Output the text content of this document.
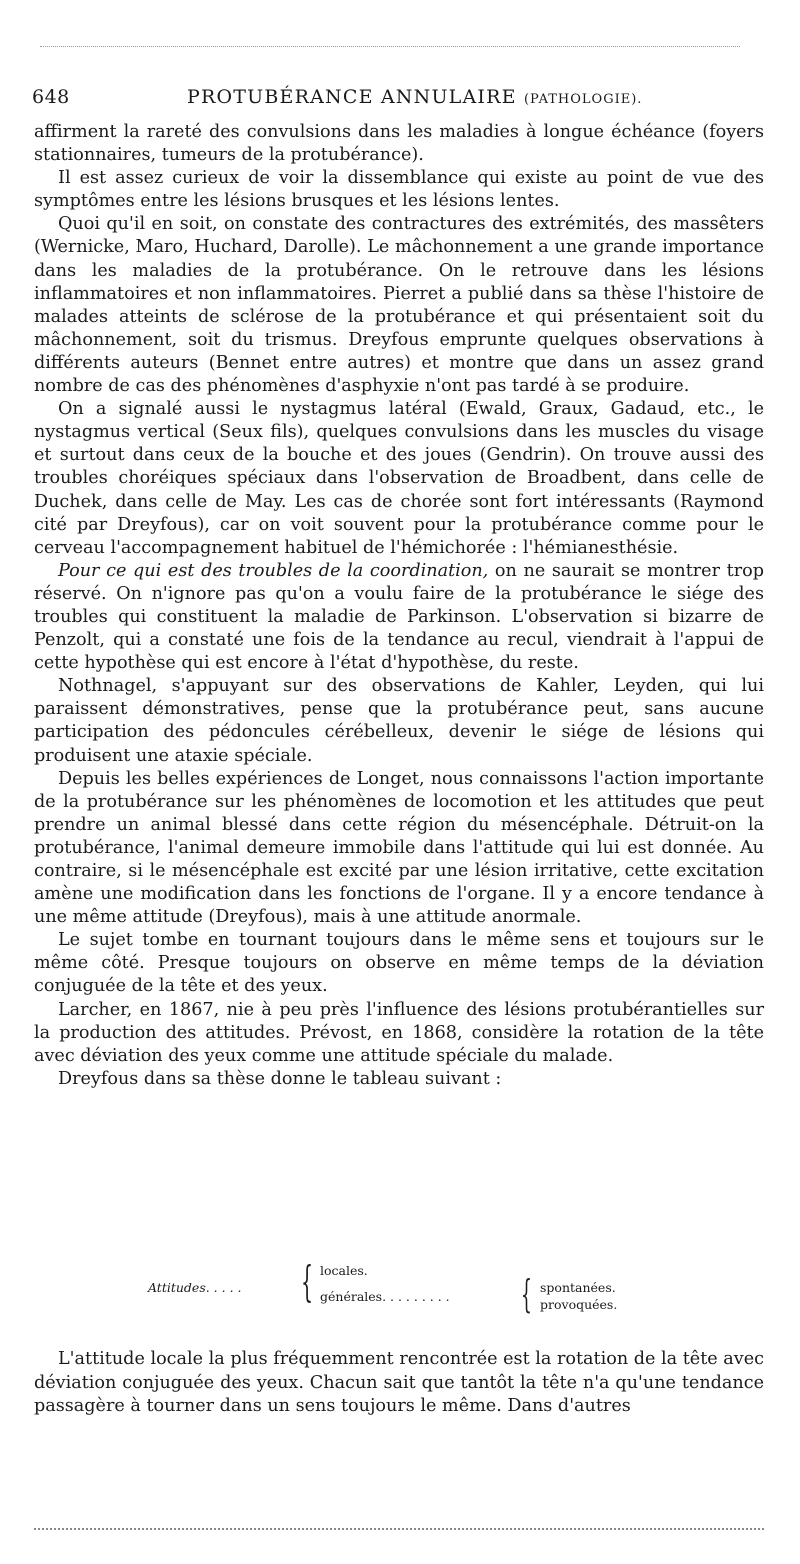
648	PROTUBÉRANCE ANNULAIRE (PATHOLOGIE).

affirment la rareté des convulsions dans les maladies à longue échéance (foyers stationnaires, tumeurs de la protubérance).

Il est assez curieux de voir la dissemblance qui existe au point de vue des symptômes entre les lésions brusques et les lésions lentes.

Quoi qu'il en soit, on constate des contractures des extrémités, des massêters (Wernicke, Maro, Huchard, Darolle). Le mâchonnement a une grande importance dans les maladies de la protubérance. On le retrouve dans les lésions inflammatoires et non inflammatoires. Pierret a publié dans sa thèse l'histoire de malades atteints de sclérose de la protubérance et qui présentaient soit du mâchonnement, soit du trismus. Dreyfous emprunte quelques observations à différents auteurs (Bennet entre autres) et montre que dans un assez grand nombre de cas des phénomènes d'asphyxie n'ont pas tardé à se produire.

On a signalé aussi le nystagmus latéral (Ewald, Graux, Gadaud, etc., le nystagmus vertical (Seux fils), quelques convulsions dans les muscles du visage et surtout dans ceux de la bouche et des joues (Gendrin). On trouve aussi des troubles choréiques spéciaux dans l'observation de Broadbent, dans celle de Duchek, dans celle de May. Les cas de chorée sont fort intéressants (Raymond cité par Dreyfous), car on voit souvent pour la protubérance comme pour le cerveau l'accompagnement habituel de l'hémichorée : l'hémianesthésie.

Pour ce qui est des troubles de la coordination, on ne saurait se montrer trop réservé. On n'ignore pas qu'on a voulu faire de la protubérance le siége des troubles qui constituent la maladie de Parkinson. L'observation si bizarre de Penzolt, qui a constaté une fois de la tendance au recul, viendrait à l'appui de cette hypothèse qui est encore à l'état d'hypothèse, du reste.

Nothnagel, s'appuyant sur des observations de Kahler, Leyden, qui lui paraissent démonstratives, pense que la protubérance peut, sans aucune participation des pédoncules cérébelleux, devenir le siége de lésions qui produisent une ataxie spéciale.

Depuis les belles expériences de Longet, nous connaissons l'action importante de la protubérance sur les phénomènes de locomotion et les attitudes que peut prendre un animal blessé dans cette région du mésencéphale. Détruit-on la protubérance, l'animal demeure immobile dans l'attitude qui lui est donnée. Au contraire, si le mésencéphale est excité par une lésion irritative, cette excitation amène une modification dans les fonctions de l'organe. Il y a encore tendance à une même attitude (Dreyfous), mais à une attitude anormale.

Le sujet tombe en tournant toujours dans le même sens et toujours sur le même côté. Presque toujours on observe en même temps de la déviation conjuguée de la tête et des yeux.

Larcher, en 1867, nie à peu près l'influence des lésions protubérantielles sur la production des attitudes. Prévost, en 1868, considère la rotation de la tête avec déviation des yeux comme une attitude spéciale du malade.

Dreyfous dans sa thèse donne le tableau suivant :

Attitudes. . . . . { locales.
générales. . . . . . . . . { spontanées.
provoquées.

L'attitude locale la plus fréquemment rencontrée est la rotation de la tête avec déviation conjuguée des yeux. Chacun sait que tantôt la tête n'a qu'une tendance passagère à tourner dans un sens toujours le même. Dans d'autres
